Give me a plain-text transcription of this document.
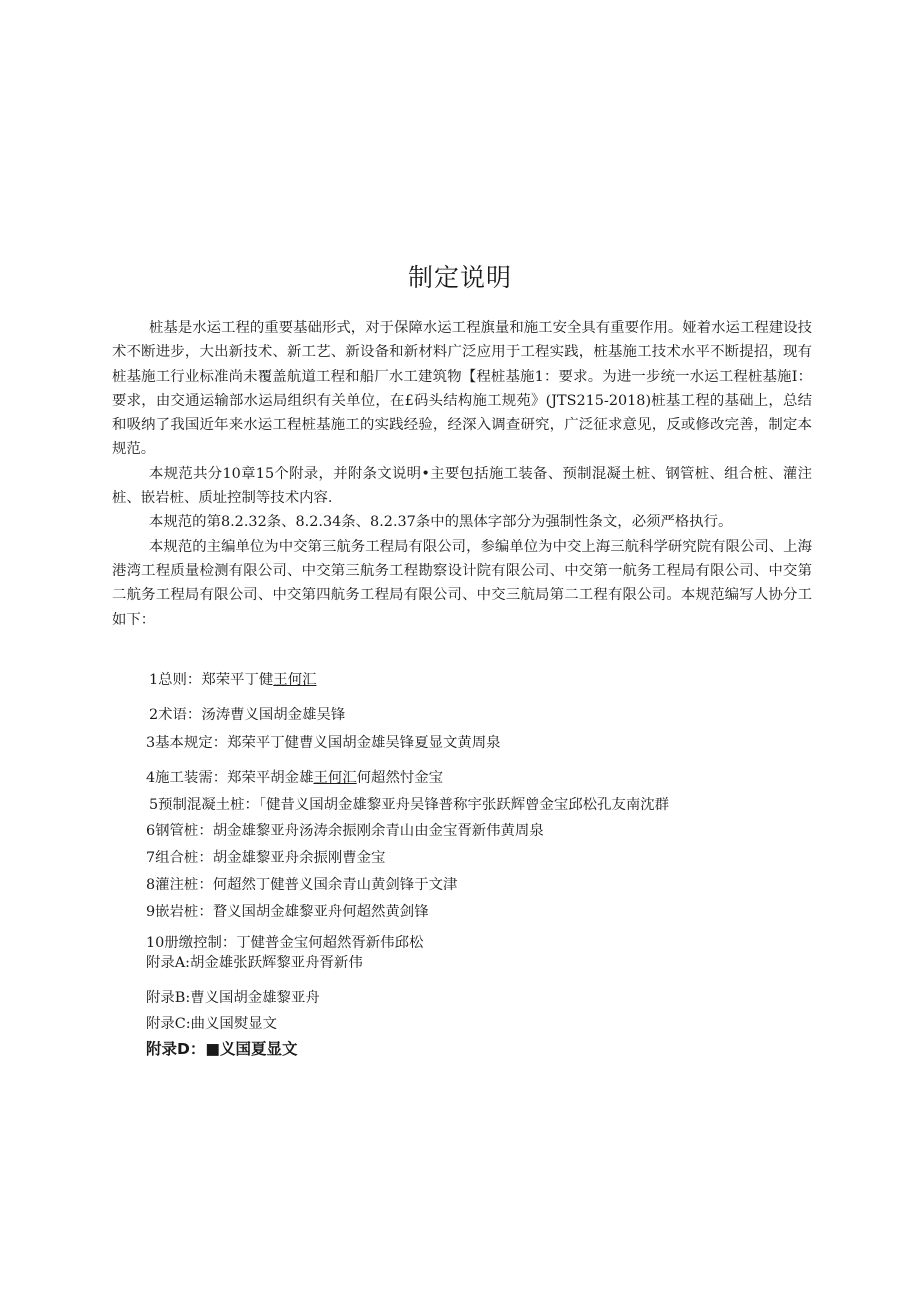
制定说明

桩基是水运工程的重要基础形式，对于保障水运工程旗量和施工安全具有重要作用。娅着水运工程建设技术不断进步，大出新技术、新工艺、新设备和新材料广泛应用于工程实践，桩基施工技术水平不断提招，现有桩基施工行业标准尚未覆盖航道工程和船厂水工建筑物【程桩基施1：要求。为进一步统一水运工程桩基施I：要求，由交通运输部水运局组织有关单位，在£码头结构施工规苑》(JTS215-2018)桩基工程的基础上，总结和吸纳了我国近年来水运工程桩基施工的实践经验，经深入调查研究，广泛征求意见，反或修改完善，制定本规范。

本规范共分10章15个附录，并附条文说明•主要包括施工装备、预制混凝土桩、钢管桩、组合桩、灌注桩、嵌岩桩、质址控制等技术内容.

本规范的第8.2.32条、8.2.34条、8.2.37条中的黑体字部分为强制性条文，必须严格执行。

本规范的主编单位为中交第三航务工程局有限公司，参编单位为中交上海三航科学研究院有限公司、上海港湾工程质量检测有限公司、中交第三航务工程勘察设计院有限公司、中交第一航务工程局有限公司、中交第二航务工程局有限公司、中交第四航务工程局有限公司、中交三航局第二工程有限公司。本规范编写人协分工如下：

1总则：郑荣平丁健王何汇
2术语：汤涛曹义国胡金雄吴锋
3基本规定：郑荣平丁健曹义国胡金雄吴锋夏显文黄周泉
4施工装需：郑荣平胡金雄王何汇何超然忖金宝
5预制混凝土桩：「健昔义国胡金雄黎亚舟吴锋普称宇张跃辉曾金宝邱松孔友南沈群
6钢管桩：胡金雄黎亚舟汤涛余振刚余青山由金宝胥新伟黄周泉
7组合桩：胡金雄黎亚舟余振刚曹金宝
8灌注桩：何超然丁健普义国余青山黄剑锋于文津
9嵌岩桩：瞀义国胡金雄黎亚舟何超然黄剑锋
10册缴控制：丁健普金宝何超然胥新伟邱松
附录A:胡金雄张跃辉黎亚舟胥新伟
附录B:曹义国胡金雄黎亚舟
附录C:曲义国熨显文
附录D：■义国夏显文
